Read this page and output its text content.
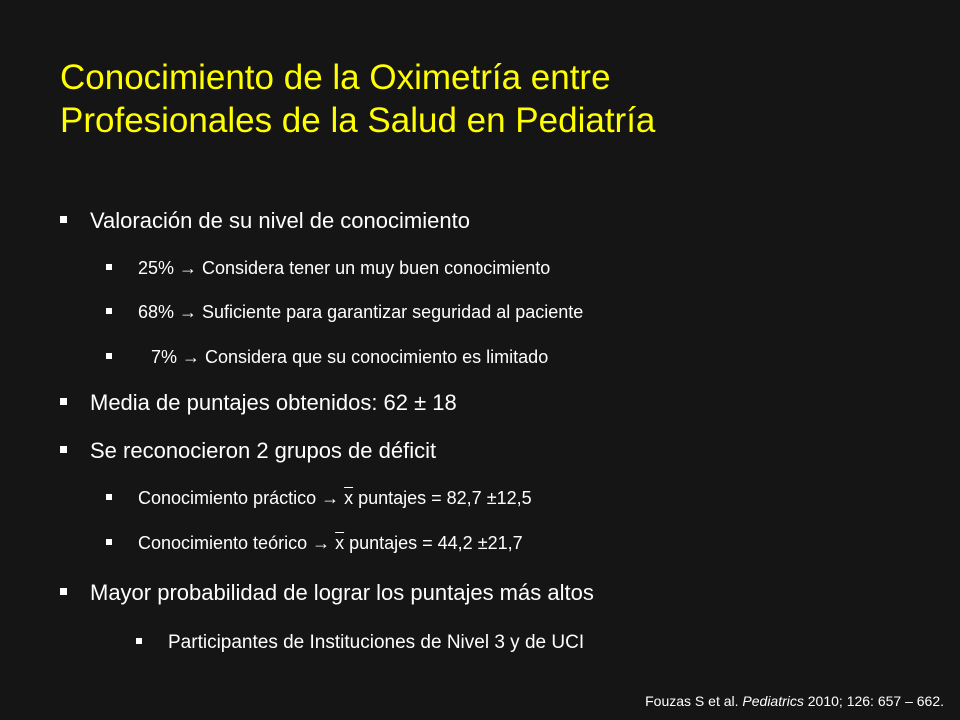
Conocimiento de la Oximetría entre
Profesionales de la Salud en Pediatría
Valoración de su nivel de conocimiento
25% → Considera tener un muy buen conocimiento
68% → Suficiente para garantizar seguridad al paciente
7% → Considera que su conocimiento es limitado
Media de puntajes obtenidos: 62 ± 18
Se reconocieron 2 grupos de déficit
Conocimiento práctico → $\overline{x}$ puntajes = 82,7 ±12,5
Conocimiento teórico → $\overline{x}$ puntajes = 44,2 ±21,7
Mayor probabilidad de lograr los puntajes más altos
Participantes de Instituciones de Nivel 3 y de UCI
Fouzas S et al. Pediatrics 2010; 126: 657 – 662.
